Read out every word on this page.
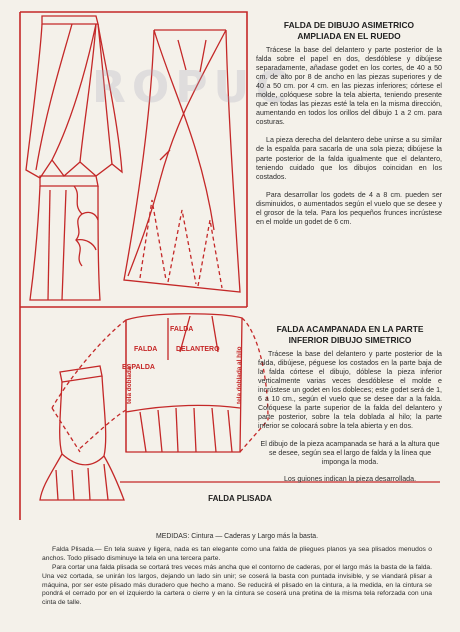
ROPUC
FALDA DE DIBUJO ASIMETRICO
AMPLIADA EN EL RUEDO

Trácese la base del delantero y parte posterior de la falda sobre el papel en dos, desdóblese y dibújese separadamente, añadase godet en los cortes, de 40 a 50 cm. de alto por 8 de ancho en las piezas superiores y de 40 a 50 cm. por 4 cm. en las piezas inferiores; córtese el molde, colóquese sobre la tela abierta, teniendo presente que en todas las piezas esté la tela en la misma dirección, aumentando en todos los orillos del dibujo 1 a 2 cm. para costuras.

La pieza derecha del delantero debe unirse a su similar de la espalda para sacarla de una sola pieza; dibújese la parte posterior de la falda igualmente que el delantero, teniendo cuidado que los dibujos coincidan en los costados.

Para desarrollar los godets de 4 a 8 cm. pueden ser disminuidos, o aumentados según el vuelo que se desee y el grosor de la tela. Para los pequeños frunces incrústese en el molde un godet de 6 cm.

FALDA ACAMPANADA EN LA PARTE
INFERIOR DIBUJO SIMETRICO

Trácese la base del delantero y parte posterior de la falda, dibújese, péguese los costados en la parte baja de la falda córtese el dibujo, dóblese la pieza inferior verticalmente varias veces desdóblese el molde e incrústese un godet en los dobleces; este godet será de 1, 6 a 10 cm., según el vuelo que se desee dar a la falda. Colóquese la parte superior de la falda del delantero y parte posterior, sobre la tela doblada al hilo; la parte inferior se colocará sobre la tela abierta y en dos.

El dibujo de la pieza acampanada se hará a la altura que se desee, según sea el largo de falda y la línea que imponga la moda.

Los guiones indican la pieza desarrollada.

FALDA
FALDA	DELANTERO
ESPALDA
tela doblada	tela doblada al hilo
FALDA PLISADA

MEDIDAS: Cintura — Caderas y Largo más la basta.

Falda Plisada.— En tela suave y ligera, nada es tan elegante como una falda de pliegues planos ya sea plisados menudos o anchos. Todo plisado disminuye la tela en una tercera parte.

Para cortar una falda plisada se cortará tres veces más ancha que el contorno de caderas, por el largo más la basta de la falda. Una vez cortada, se unirán los largos, dejando un lado sin unir; se coserá la basta con puntada invisible, y se viandará plisar a máquina, por ser este plisado más duradero que hecho a mano. Se reducirá el plisado en la cintura, a la medida, en la cintura se pondrá el cerrado por en el izquierdo la cartera o cierre y en la cintura se coserá una pretina de la misma tela reforzada con una cinta de talle.
